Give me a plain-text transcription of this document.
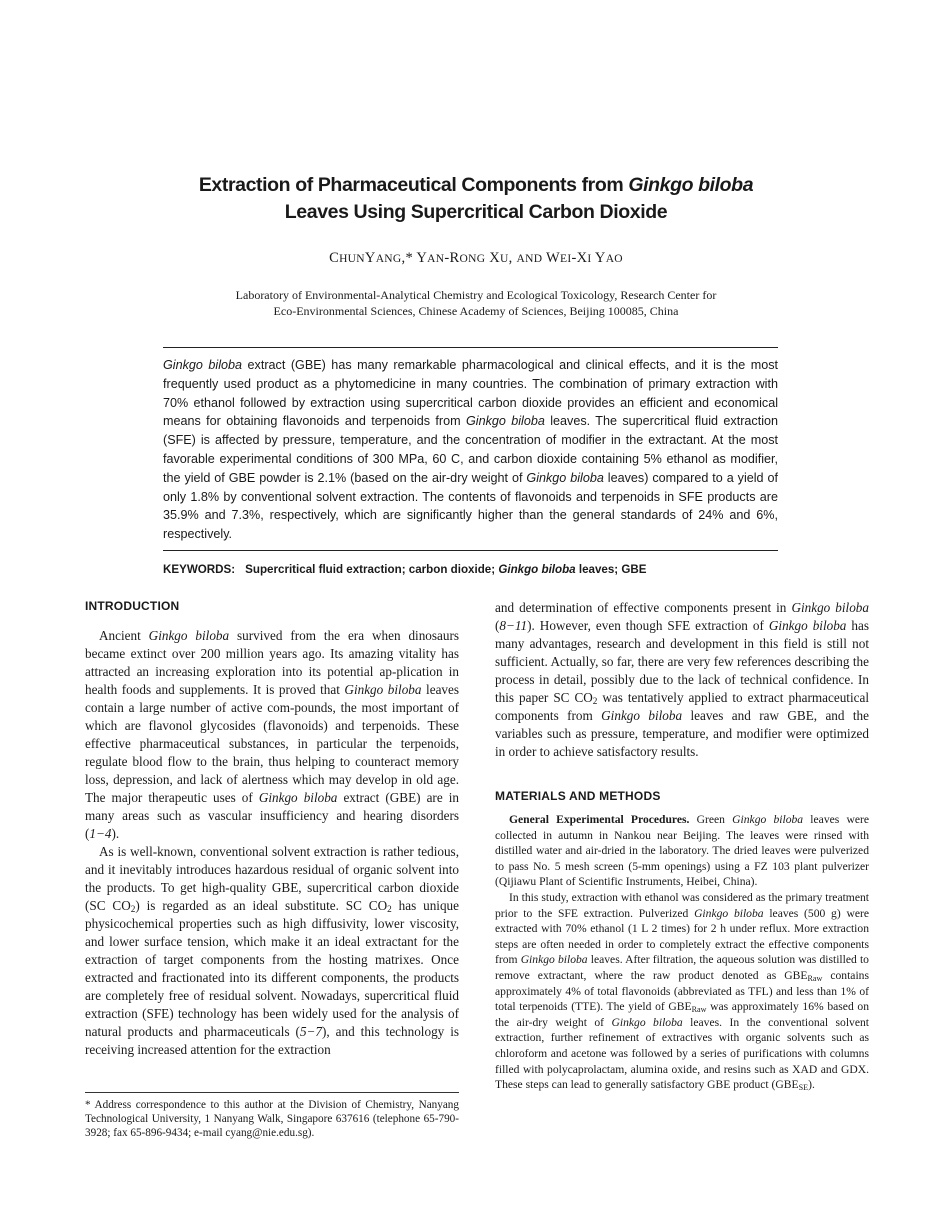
Extraction of Pharmaceutical Components from Ginkgo biloba
Leaves Using Supercritical Carbon Dioxide
CHUNYANG,* YAN-RONG XU, AND WEI-XI YAO
Laboratory of Environmental-Analytical Chemistry and Ecological Toxicology, Research Center for
Eco-Environmental Sciences, Chinese Academy of Sciences, Beijing 100085, China
Ginkgo biloba extract (GBE) has many remarkable pharmacological and clinical effects, and it is the most frequently used product as a phytomedicine in many countries. The combination of primary extraction with 70% ethanol followed by extraction using supercritical carbon dioxide provides an efficient and economical means for obtaining flavonoids and terpenoids from Ginkgo biloba leaves. The supercritical fluid extraction (SFE) is affected by pressure, temperature, and the concentration of modifier in the extractant. At the most favorable experimental conditions of 300 MPa, 60 C, and carbon dioxide containing 5% ethanol as modifier, the yield of GBE powder is 2.1% (based on the air-dry weight of Ginkgo biloba leaves) compared to a yield of only 1.8% by conventional solvent extraction. The contents of flavonoids and terpenoids in SFE products are 35.9% and 7.3%, respectively, which are significantly higher than the general standards of 24% and 6%, respectively.
KEYWORDS: Supercritical fluid extraction; carbon dioxide; Ginkgo biloba leaves; GBE
INTRODUCTION

Ancient Ginkgo biloba survived from the era when dinosaurs became extinct over 200 million years ago. Its amazing vitality has attracted an increasing exploration into its potential ap-plication in health foods and supplements. It is proved that Ginkgo biloba leaves contain a large number of active com-pounds, the most important of which are flavonol glycosides (flavonoids) and terpenoids. These effective pharmaceutical substances, in particular the terpenoids, regulate blood flow to the brain, thus helping to counteract memory loss, depression, and lack of alertness which may develop in old age. The major therapeutic uses of Ginkgo biloba extract (GBE) are in many areas such as vascular insufficiency and hearing disorders (1−4).

As is well-known, conventional solvent extraction is rather tedious, and it inevitably introduces hazardous residual of organic solvent into the products. To get high-quality GBE, supercritical carbon dioxide (SC $CO_2$) is regarded as an ideal substitute. SC $CO_2$ has unique physicochemical properties such as high diffusivity, lower viscosity, and lower surface tension, which make it an ideal extractant for the extraction of target components from the hosting matrixes. Once extracted and fractionated into its different components, the products are completely free of residual solvent. Nowadays, supercritical fluid extraction (SFE) technology has been widely used for the analysis of natural products and pharmaceuticals (5−7), and this technology is receiving increased attention for the extraction

* Address correspondence to this author at the Division of Chemistry, Nanyang Technological University, 1 Nanyang Walk, Singapore 637616 (telephone 65-790-3928; fax 65-896-9434; e-mail cyang@nie.edu.sg).
and determination of effective components present in Ginkgo biloba (8−11). However, even though SFE extraction of Ginkgo biloba has many advantages, research and development in this field is still not sufficient. Actually, so far, there are very few references describing the process in detail, possibly due to the lack of technical confidence. In this paper SC $CO_2$ was tentatively applied to extract pharmaceutical components from Ginkgo biloba leaves and raw GBE, and the variables such as pressure, temperature, and modifier were optimized in order to achieve satisfactory results.
MATERIALS AND METHODS

General Experimental Procedures. Green Ginkgo biloba leaves were collected in autumn in Nankou near Beijing. The leaves were rinsed with distilled water and air-dried in the laboratory. The dried leaves were pulverized to pass No. 5 mesh screen (5-mm openings) using a FZ 103 plant pulverizer (Qijiawu Plant of Scientific Instruments, Heibei, China).

In this study, extraction with ethanol was considered as the primary treatment prior to the SFE extraction. Pulverized Ginkgo biloba leaves (500 g) were extracted with 70% ethanol (1 L 2 times) for 2 h under reflux. More extraction steps are often needed in order to completely extract the effective components from Ginkgo biloba leaves. After filtration, the aqueous solution was distilled to remove extractant, where the raw product denoted as $GBE_{Raw}$ contains approximately 4% of total flavonoids (abbreviated as TFL) and less than 1% of total terpenoids (TTE). The yield of $GBE_{Raw}$ was approximately 16% based on the air-dry weight of Ginkgo biloba leaves. In the conventional solvent extraction, further refinement of extractives with organic solvents such as chloroform and acetone was followed by a series of purifications with columns filled with polycaprolactam, alumina oxide, and resins such as XAD and GDX. These steps can lead to generally satisfactory GBE product $(GBE_{SE})$.
